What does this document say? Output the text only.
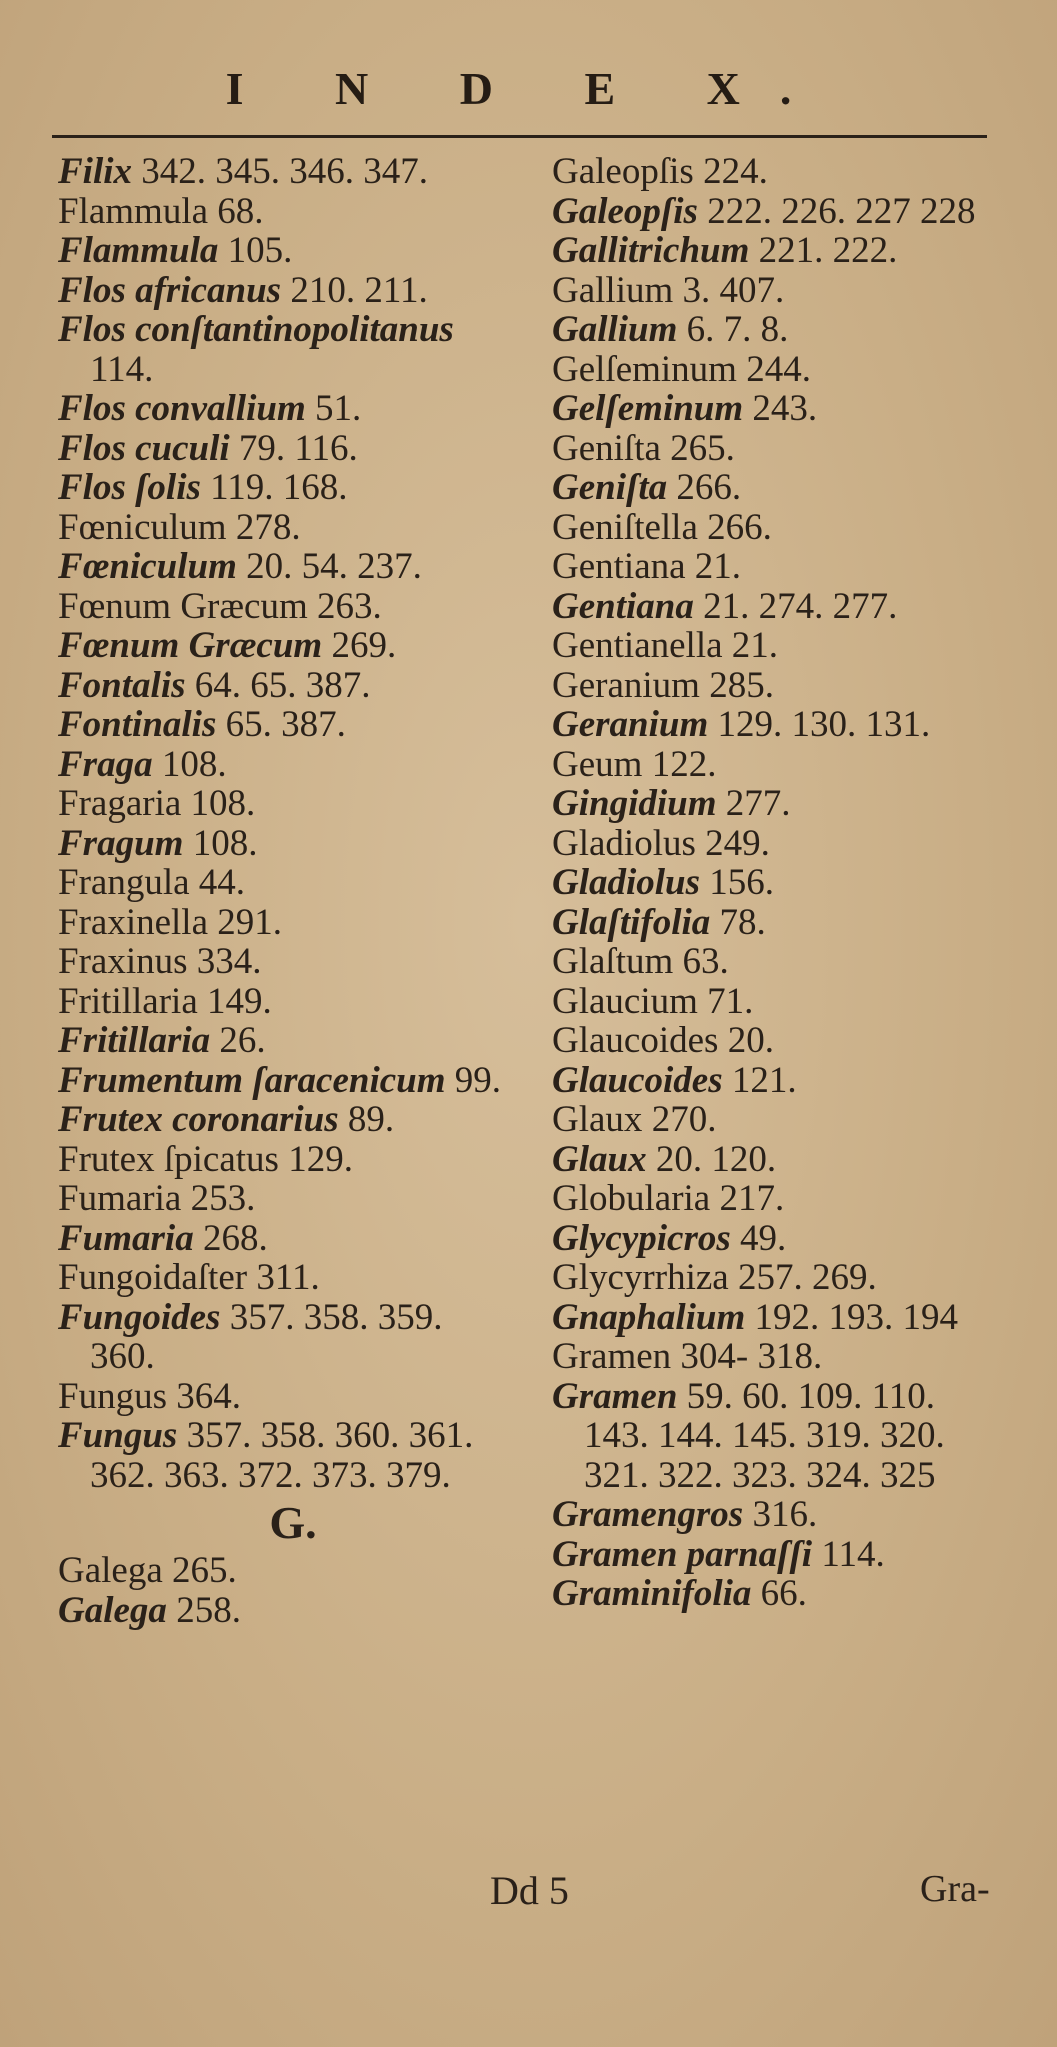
I N D E X.
Filix 342. 345. 346. 347.
Flammula 68.
Flammula 105.
Flos africanus 210. 211.
Flos conſtantinopolitanus
114.
Flos convallium 51.
Flos cuculi 79. 116.
Flos ſolis 119. 168.
Fœniculum 278.
Fœniculum 20. 54. 237.
Fœnum Græcum 263.
Fœnum Græcum 269.
Fontalis 64. 65. 387.
Fontinalis 65. 387.
Fraga 108.
Fragaria 108.
Fragum 108.
Frangula 44.
Fraxinella 291.
Fraxinus 334.
Fritillaria 149.
Fritillaria 26.
Frumentum ſaracenicum 99.
Frutex coronarius 89.
Frutex ſpicatus 129.
Fumaria 253.
Fumaria 268.
Fungoidaſter 311.
Fungoides 357. 358. 359.
360.
Fungus 364.
Fungus 357. 358. 360. 361.
362. 363. 372. 373. 379.
G.
Galega 265.
Galega 258.
Galeopſis 224.
Galeopſis 222. 226. 227 228
Gallitrichum 221. 222.
Gallium 3. 407.
Gallium 6. 7. 8.
Gelſeminum 244.
Gelſeminum 243.
Geniſta 265.
Geniſta 266.
Geniſtella 266.
Gentiana 21.
Gentiana 21. 274. 277.
Gentianella 21.
Geranium 285.
Geranium 129. 130. 131.
Geum 122.
Gingidium 277.
Gladiolus 249.
Gladiolus 156.
Glaſtifolia 78.
Glaſtum 63.
Glaucium 71.
Glaucoides 20.
Glaucoides 121.
Glaux 270.
Glaux 20. 120.
Globularia 217.
Glycypicros 49.
Glycyrrhiza 257. 269.
Gnaphalium 192. 193. 194
Gramen 304- 318.
Gramen 59. 60. 109. 110.
143. 144. 145. 319. 320.
321. 322. 323. 324. 325
Gramengros 316.
Gramen parnaſſi 114.
Graminifolia 66.
Dd 5	Gra-
